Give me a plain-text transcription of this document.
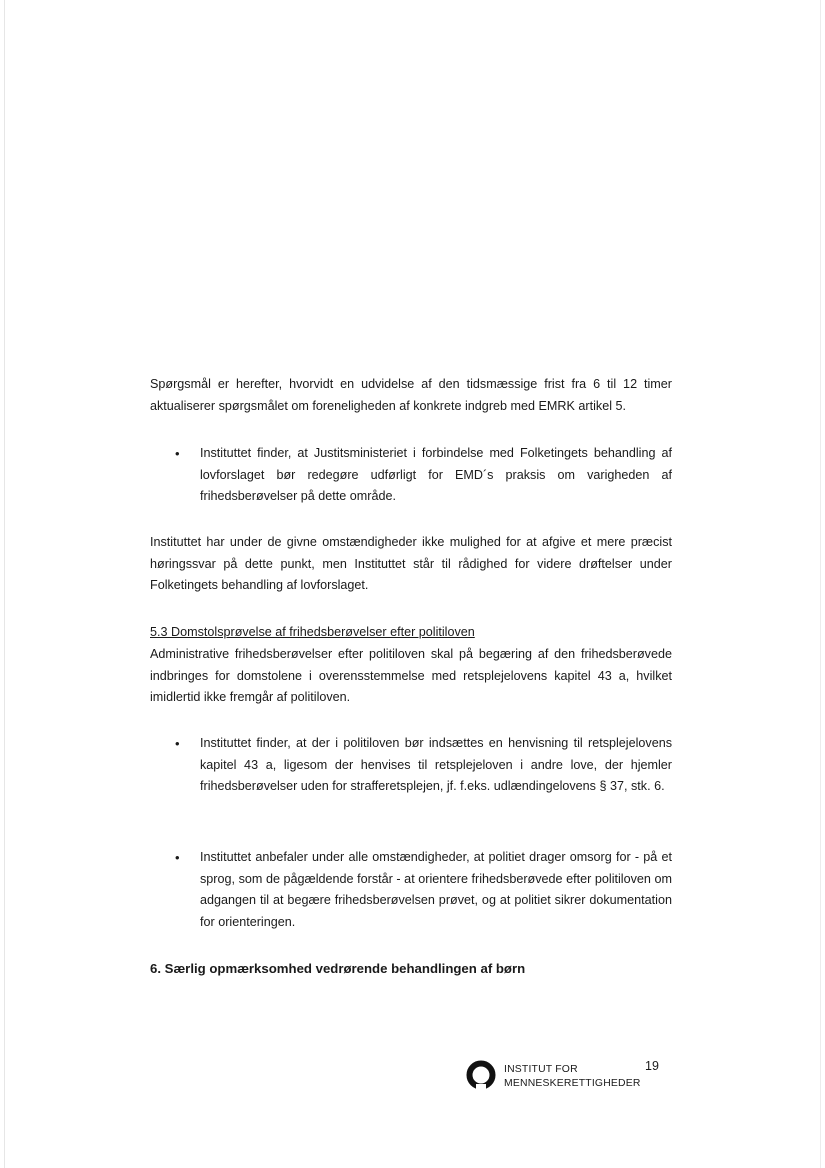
Spørgsmål er herefter, hvorvidt en udvidelse af den tidsmæssige frist fra 6 til 12 timer aktualiserer spørgsmålet om foreneligheden af konkrete indgreb med EMRK artikel 5.

•	Instituttet finder, at Justitsministeriet i forbindelse med Folketingets behandling af lovforslaget bør redegøre udførligt for EMD´s praksis om varigheden af frihedsberøvelser på dette område.

Instituttet har under de givne omstændigheder ikke mulighed for at afgive et mere præcist høringssvar på dette punkt, men Instituttet står til rådighed for videre drøftelser under Folketingets behandling af lovforslaget.

5.3 Domstolsprøvelse af frihedsberøvelser efter politiloven

Administrative frihedsberøvelser efter politiloven skal på begæring af den frihedsberøvede indbringes for domstolene i overensstemmelse med retsplejelovens kapitel 43 a, hvilket imidlertid ikke fremgår af politiloven.

•	Instituttet finder, at der i politiloven bør indsættes en henvisning til retsplejelovens kapitel 43 a, ligesom der henvises til retsplejeloven i andre love, der hjemler frihedsberøvelser uden for strafferetsplejen, jf. f.eks. udlændingelovens § 37, stk. 6.

•	Instituttet anbefaler under alle omstændigheder, at politiet drager omsorg for - på et sprog, som de pågældende forstår - at orientere frihedsberøvede efter politiloven om adgangen til at begære frihedsberøvelsen prøvet, og at politiet sikrer dokumentation for orienteringen.

6. Særlig opmærksomhed vedrørende behandlingen af børn
INSTITUT FOR
MENNESKERETTIGHEDER
19
